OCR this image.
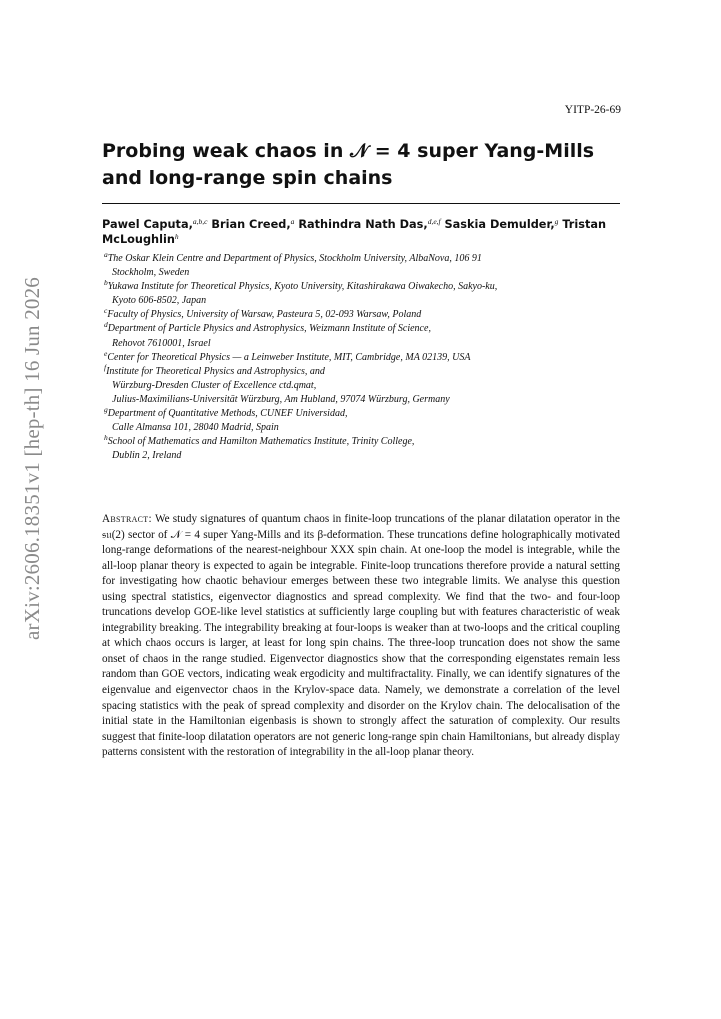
arXiv:2606.18351v1 [hep-th] 16 Jun 2026
YITP-26-69
Probing weak chaos in 𝒩 = 4 super Yang-Mills and long-range spin chains
Pawel Caputa,$^{a,b,c}$ Brian Creed,$^a$ Rathindra Nath Das,$^{d,e,f}$ Saskia Demulder,$^g$ Tristan McLoughlin$^h$
$^a$The Oskar Klein Centre and Department of Physics, Stockholm University, AlbaNova, 106 91
Stockholm, Sweden
$^b$Yukawa Institute for Theoretical Physics, Kyoto University, Kitashirakawa Oiwakecho, Sakyo-ku,
Kyoto 606-8502, Japan
$^c$Faculty of Physics, University of Warsaw, Pasteura 5, 02-093 Warsaw, Poland
$^d$Department of Particle Physics and Astrophysics, Weizmann Institute of Science,
Rehovot 7610001, Israel
$^e$Center for Theoretical Physics — a Leinweber Institute, MIT, Cambridge, MA 02139, USA
$^f$Institute for Theoretical Physics and Astrophysics, and
Würzburg-Dresden Cluster of Excellence ctd.qmat,
Julius-Maximilians-Universität Würzburg, Am Hubland, 97074 Würzburg, Germany
$^g$Department of Quantitative Methods, CUNEF Universidad,
Calle Almansa 101, 28040 Madrid, Spain
$^h$School of Mathematics and Hamilton Mathematics Institute, Trinity College,
Dublin 2, Ireland

Abstract: We study signatures of quantum chaos in finite-loop truncations of the planar dilatation operator in the 𝔰𝔲(2) sector of 𝒩 = 4 super Yang-Mills and its β-deformation. These truncations define holographically motivated long-range deformations of the nearest-neighbour XXX spin chain. At one-loop the model is integrable, while the all-loop planar theory is expected to again be integrable. Finite-loop truncations therefore provide a natural setting for investigating how chaotic behaviour emerges between these two integrable limits. We analyse this question using spectral statistics, eigenvector diagnostics and spread complexity. We find that the two- and four-loop truncations develop GOE-like level statistics at sufficiently large coupling but with features characteristic of weak integrability breaking. The integrability breaking at four-loops is weaker than at two-loops and the critical coupling at which chaos occurs is larger, at least for long spin chains. The three-loop truncation does not show the same onset of chaos in the range studied. Eigenvector diagnostics show that the corresponding eigenstates remain less random than GOE vectors, indicating weak ergodicity and multifractality. Finally, we can identify signatures of the eigenvalue and eigenvector chaos in the Krylov-space data. Namely, we demonstrate a correlation of the level spacing statistics with the peak of spread complexity and disorder on the Krylov chain. The delocalisation of the initial state in the Hamiltonian eigenbasis is shown to strongly affect the saturation of complexity. Our results suggest that finite-loop dilatation operators are not generic long-range spin chain Hamiltonians, but already display patterns consistent with the restoration of integrability in the all-loop planar theory.
